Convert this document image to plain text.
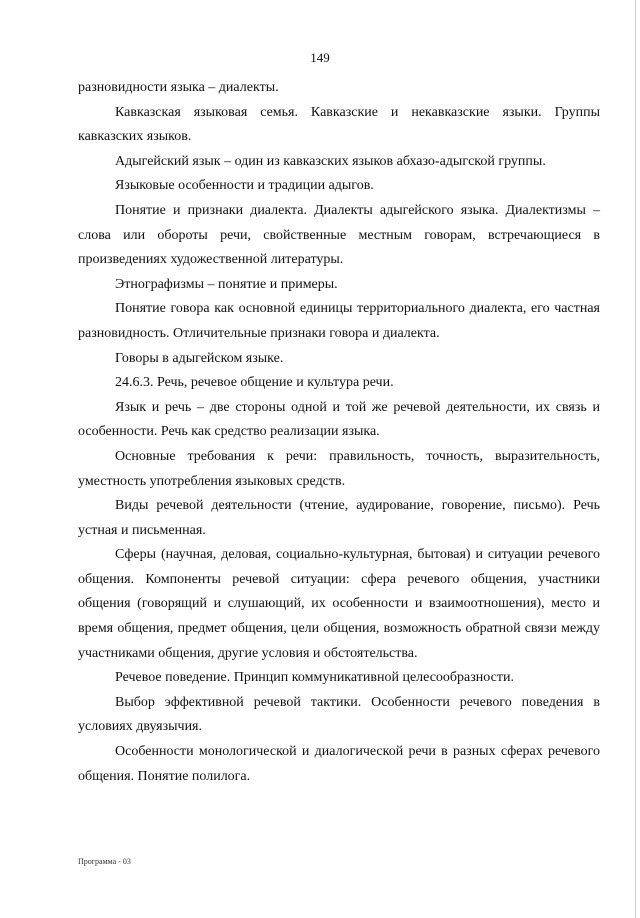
149

разновидности языка – диалекты.

Кавказская языковая семья. Кавказские и некавказские языки. Группы кавказских языков.

Адыгейский язык – один из кавказских языков абхазо-адыгской группы.

Языковые особенности и традиции адыгов.

Понятие и признаки диалекта. Диалекты адыгейского языка. Диалектизмы – слова или обороты речи, свойственные местным говорам, встречающиеся в произведениях художественной литературы.

Этнографизмы – понятие и примеры.

Понятие говора как основной единицы территориального диалекта, его частная разновидность. Отличительные признаки говора и диалекта.

Говоры в адыгейском языке.

24.6.3. Речь, речевое общение и культура речи.

Язык и речь – две стороны одной и той же речевой деятельности, их связь и особенности. Речь как средство реализации языка.

Основные требования к речи: правильность, точность, выразительность, уместность употребления языковых средств.

Виды речевой деятельности (чтение, аудирование, говорение, письмо). Речь устная и письменная.

Сферы (научная, деловая, социально-культурная, бытовая) и ситуации речевого общения. Компоненты речевой ситуации: сфера речевого общения, участники общения (говорящий и слушающий, их особенности и взаимоотношения), место и время общения, предмет общения, цели общения, возможность обратной связи между участниками общения, другие условия и обстоятельства.

Речевое поведение. Принцип коммуникативной целесообразности.

Выбор эффективной речевой тактики. Особенности речевого поведения в условиях двуязычия.

Особенности монологической и диалогической речи в разных сферах речевого общения. Понятие полилога.

Программа - 03
